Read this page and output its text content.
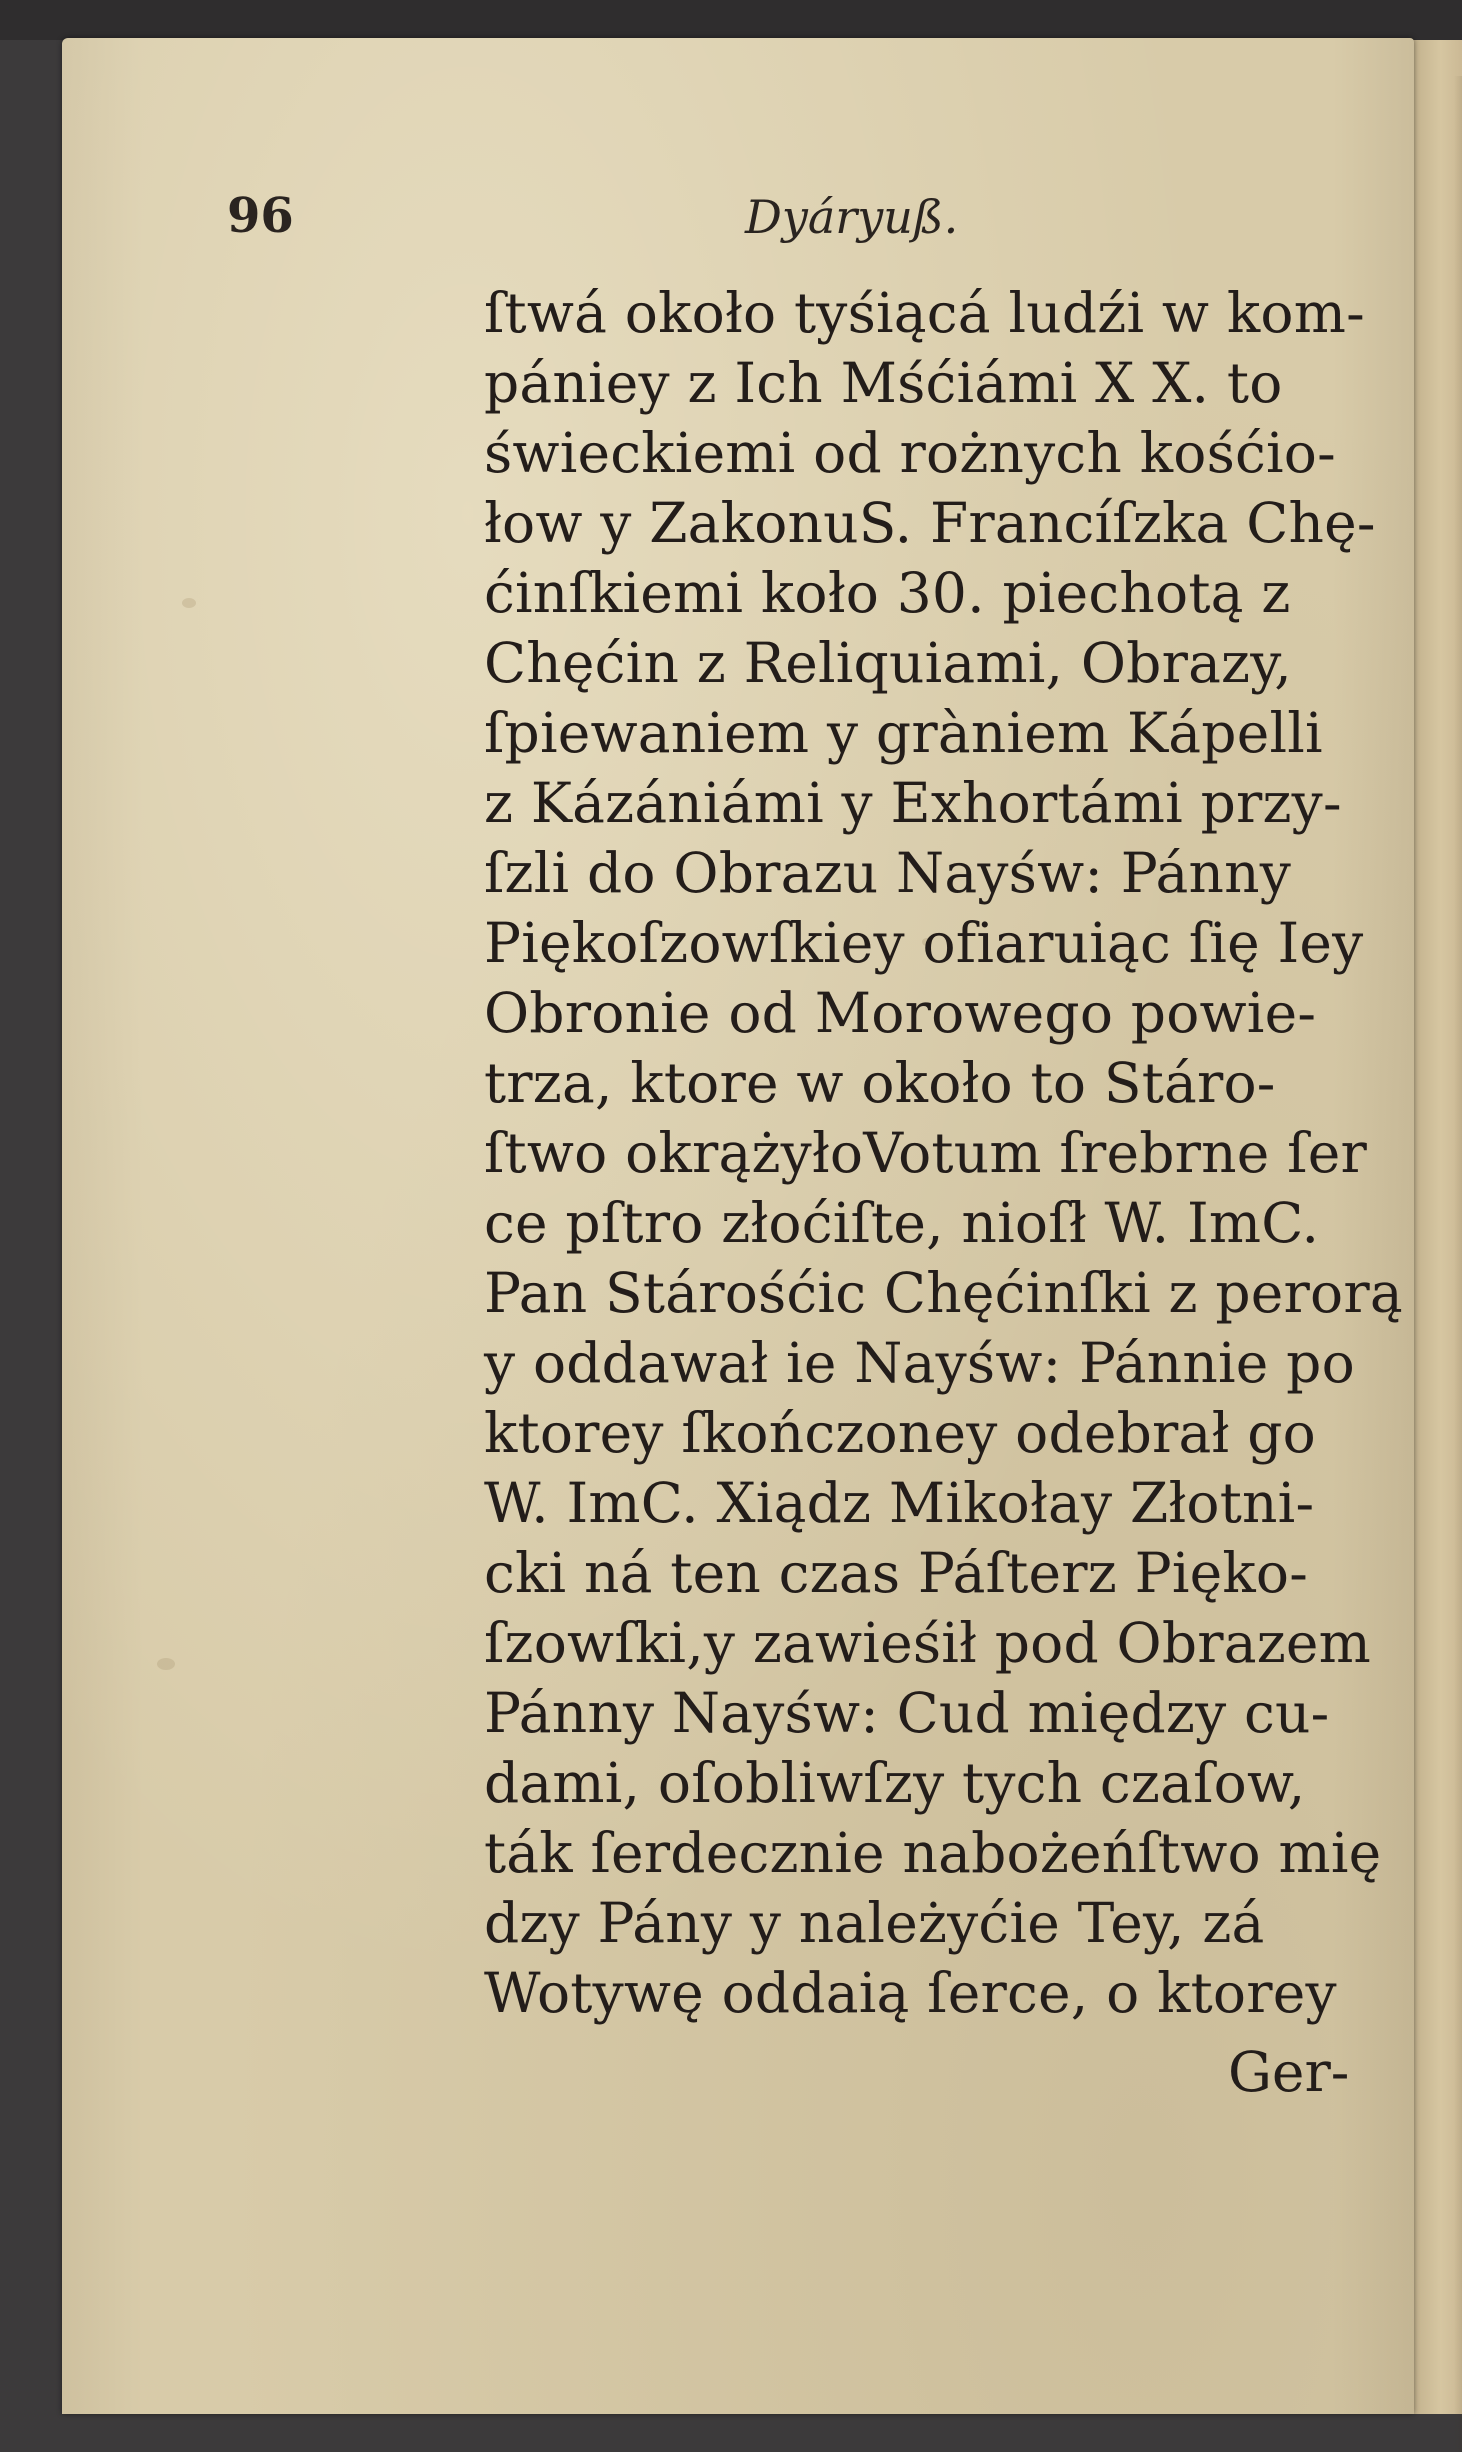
96	Dyáryuß.
ſtwá około tyśiącá ludźi w kom-
pániey z Ich Mśćiámi X X. to
świeckiemi od rożnych kośćio-
łow y ZakonuS. Francíſzka Chę-
ćinſkiemi koło 30. piechotą z
Chęćin z Reliquiami, Obrazy,
ſpiewaniem y gràniem Kápelli
z Kázániámi y Exhortámi przy-
ſzli do Obrazu Nayśw: Pánny
Piękoſzowſkiey ofiaruiąc ſię Iey
Obronie od Morowego powie-
trza, ktore w około to Stáro-
ſtwo okrążyłoVotum ſrebrne ſer
ce pſtro złoćiſte, nioſł W. ImC.
Pan Stárośćic Chęćinſki z perorą
y oddawał ie Nayśw: Pánnie po
ktorey ſkończoney odebrał go
W. ImC. Xiądz Mikołay Złotni-
cki ná ten czas Páſterz Pięko-
ſzowſki,y zawieśił pod Obrazem
Pánny Nayśw: Cud między cu-
dami, oſobliwſzy tych czaſow,
ták ſerdecznie nabożeńſtwo mię
dzy Pány y należyćie Tey, zá
Wotywę oddaią ſerce, o ktorey
Ger-
